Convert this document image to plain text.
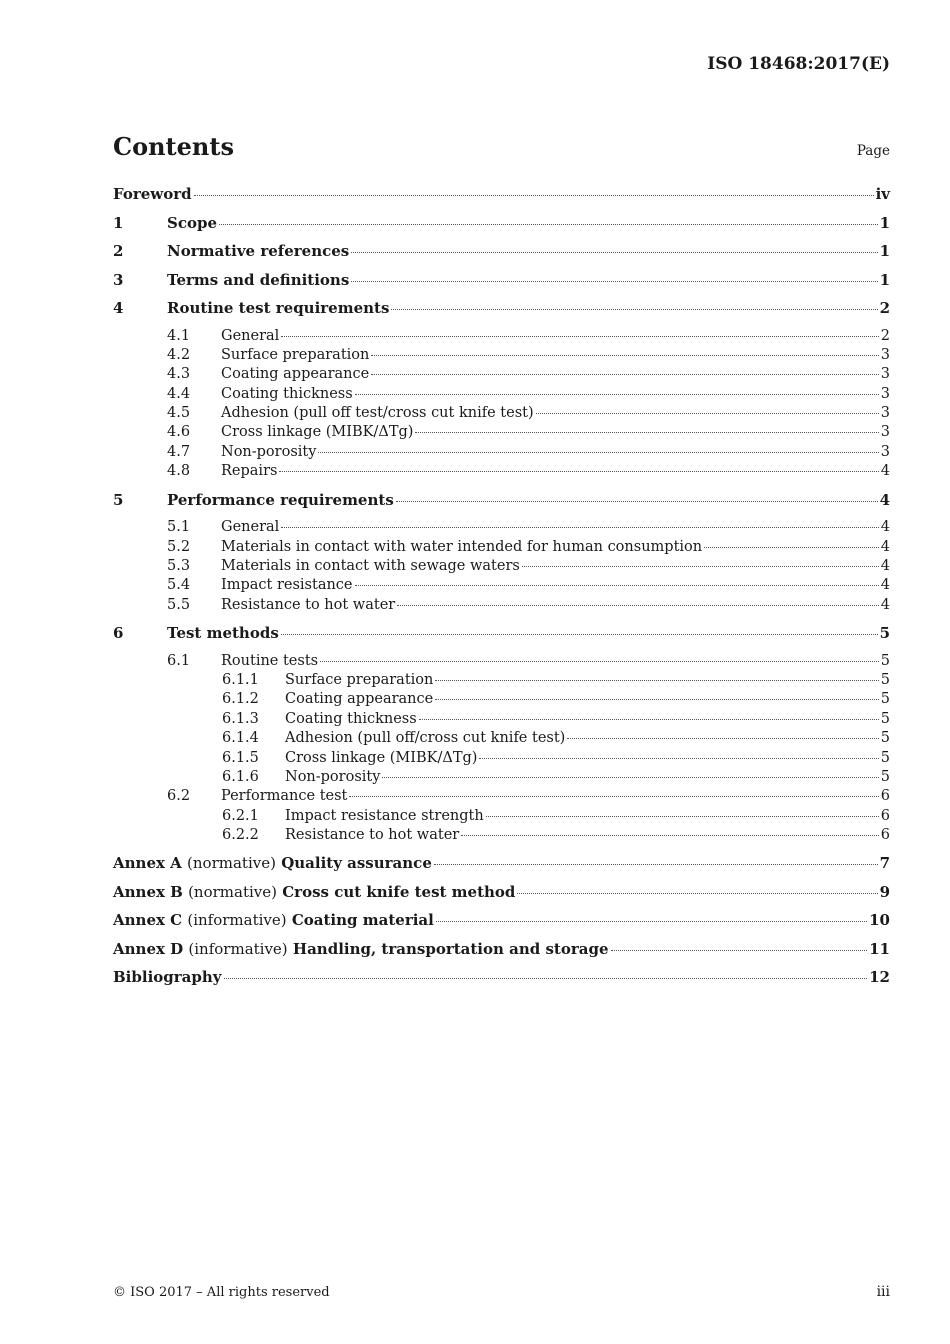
ISO 18468:2017(E)
Contents	Page
Foreword	iv
1	Scope	1
2	Normative references	1
3	Terms and definitions	1
4	Routine test requirements	2
4.1	General	2
4.2	Surface preparation	3
4.3	Coating appearance	3
4.4	Coating thickness	3
4.5	Adhesion (pull off test/cross cut knife test)	3
4.6	Cross linkage (MIBK/ΔTg)	3
4.7	Non-porosity	3
4.8	Repairs	4
5	Performance requirements	4
5.1	General	4
5.2	Materials in contact with water intended for human consumption	4
5.3	Materials in contact with sewage waters	4
5.4	Impact resistance	4
5.5	Resistance to hot water	4
6	Test methods	5
6.1	Routine tests	5
6.1.1	Surface preparation	5
6.1.2	Coating appearance	5
6.1.3	Coating thickness	5
6.1.4	Adhesion (pull off/cross cut knife test)	5
6.1.5	Cross linkage (MIBK/ΔTg)	5
6.1.6	Non-porosity	5
6.2	Performance test	6
6.2.1	Impact resistance strength	6
6.2.2	Resistance to hot water	6
Annex A (normative) Quality assurance	7
Annex B (normative) Cross cut knife test method	9
Annex C (informative) Coating material	10
Annex D (informative) Handling, transportation and storage	11
Bibliography	12
© ISO 2017 – All rights reserved	iii
